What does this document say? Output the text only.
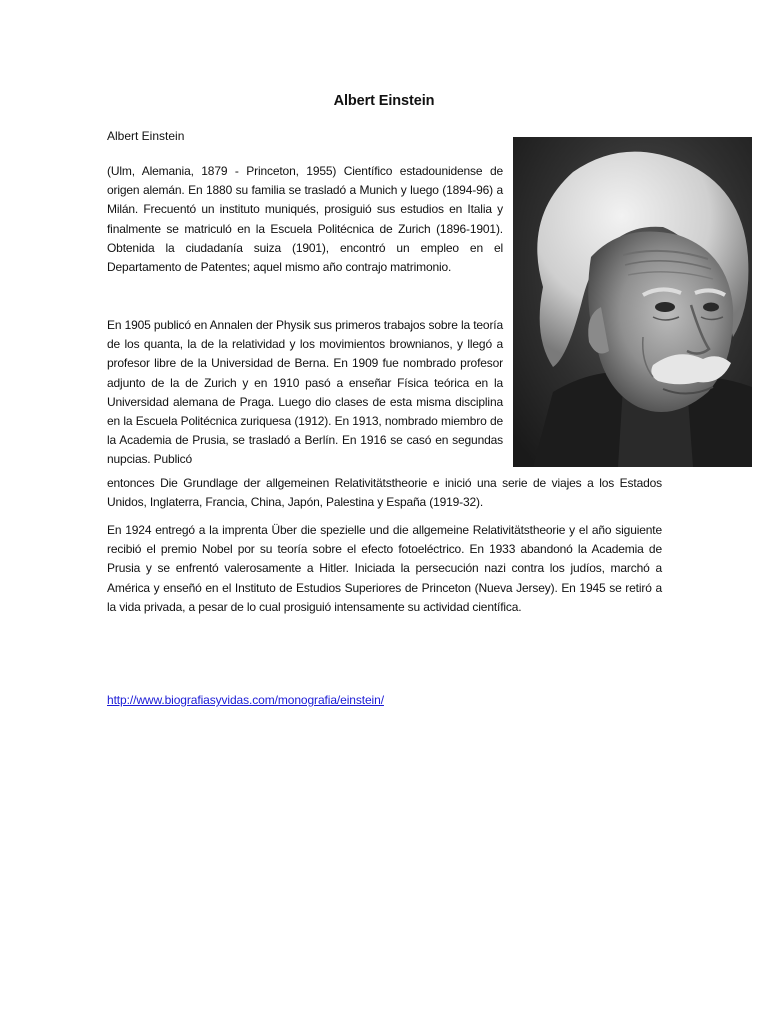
Albert Einstein
Albert Einstein

(Ulm, Alemania, 1879 - Princeton, 1955) Científico estadounidense de origen alemán. En 1880 su familia se trasladó a Munich y luego (1894-96) a Milán. Frecuentó un instituto muniqués, prosiguió sus estudios en Italia y finalmente se matriculó en la Escuela Politécnica de Zurich (1896-1901). Obtenida la ciudadanía suiza (1901), encontró un empleo en el Departamento de Patentes; aquel mismo año contrajo matrimonio.

En 1905 publicó en Annalen der Physik sus primeros trabajos sobre la teoría de los quanta, la de la relatividad y los movimientos brownianos, y llegó a profesor libre de la Universidad de Berna. En 1909 fue nombrado profesor adjunto de la de Zurich y en 1910 pasó a enseñar Física teórica en la Universidad alemana de Praga. Luego dio clases de esta misma disciplina en la Escuela Politécnica zuriquesa (1912). En 1913, nombrado miembro de la Academia de Prusia, se trasladó a Berlín. En 1916 se casó en segundas nupcias. Publicó

entonces Die Grundlage der allgemeinen Relativitätstheorie e inició una serie de viajes a los Estados Unidos, Inglaterra, Francia, China, Japón, Palestina y España (1919-32).

En 1924 entregó a la imprenta Über die spezielle und die allgemeine Relativitätstheorie y el año siguiente recibió el premio Nobel por su teoría sobre el efecto fotoeléctrico. En 1933 abandonó la Academia de Prusia y se enfrentó valerosamente a Hitler. Iniciada la persecución nazi contra los judíos, marchó a América y enseñó en el Instituto de Estudios Superiores de Princeton (Nueva Jersey). En 1945 se retiró a la vida privada, a pesar de lo cual prosiguió intensamente su actividad científica.

http://www.biografiasyvidas.com/monografia/einstein/
